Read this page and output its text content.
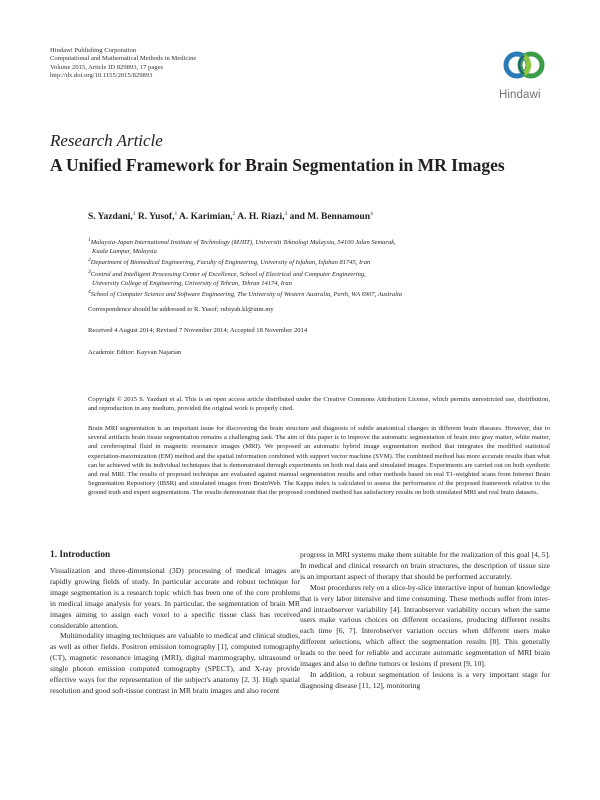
Hindawi Publishing Corporation
Computational and Mathematical Methods in Medicine
Volume 2015, Article ID 829893, 17 pages
http://dx.doi.org/10.1155/2015/829893
Hindawi
Research Article
A Unified Framework for Brain Segmentation in MR Images
S. Yazdani,$^1$ R. Yusof,$^1$ A. Karimian,$^2$ A. H. Riazi,$^3$ and M. Bennamoun$^4$
$^1$Malaysia-Japan International Institute of Technology (MJIIT), Universiti Teknologi Malaysia, 54100 Jalan Semarak,
Kuala Lumpur, Malaysia
$^2$Department of Biomedical Engineering, Faculty of Engineering, University of Isfahan, Isfahan 81745, Iran
$^3$Control and Intelligent Processing Center of Excellence, School of Electrical and Computer Engineering,
University College of Engineering, University of Tehran, Tehran 14174, Iran
$^4$School of Computer Science and Software Engineering, The University of Western Australia, Perth, WA 6907, Australia
Correspondence should be addressed to R. Yusof; rubiyah.kl@utm.my
Received 4 August 2014; Revised 7 November 2014; Accepted 18 November 2014
Academic Editor: Kayvan Najarian
Copyright © 2015 S. Yazdani et al. This is an open access article distributed under the Creative Commons Attribution License, which permits unrestricted use, distribution, and reproduction in any medium, provided the original work is properly cited.
Brain MRI segmentation is an important issue for discovering the brain structure and diagnosis of subtle anatomical changes in different brain diseases. However, due to several artifacts brain tissue segmentation remains a challenging task. The aim of this paper is to improve the automatic segmentation of brain into gray matter, white matter, and cerebrospinal fluid in magnetic resonance images (MRI). We proposed an automatic hybrid image segmentation method that integrates the modified statistical expectation-maximization (EM) method and the spatial information combined with support vector machine (SVM). The combined method has more accurate results than what can be achieved with its individual techniques that is demonstrated through experiments on both real data and simulated images. Experiments are carried out on both synthetic and real MRI. The results of proposed technique are evaluated against manual segmentation results and other methods based on real T1-weighted scans from Internet Brain Segmentation Repository (IBSR) and simulated images from BrainWeb. The Kappa index is calculated to assess the performance of the proposed framework relative to the ground truth and expert segmentations. The results demonstrate that the proposed combined method has satisfactory results on both simulated MRI and real brain datasets.
1. Introduction

Visualization and three-dimensional (3D) processing of medical images are rapidly growing fields of study. In particular accurate and robust technique for image segmentation is a research topic which has been one of the core problems in medical image analysis for years. In particular, the segmentation of brain MR images aiming to assign each voxel to a specific tissue class has received considerable attention.

Multimodality imaging techniques are valuable to medical and clinical studies, as well as other fields. Positron emission tomography [1], computed tomography (CT), magnetic resonance imaging (MRI), digital mammography, ultrasound or single photon emission computed tomography (SPECT), and X-ray provide effective ways for the representation of the subject's anatomy [2, 3]. High spatial resolution and good soft-tissue contrast in MR brain images and also recent

progress in MRI systems make them suitable for the realization of this goal [4, 5]. In medical and clinical research on brain structures, the description of tissue size is an important aspect of therapy that should be performed accurately.

Most procedures rely on a slice-by-slice interactive input of human knowledge that is very labor intensive and time consuming. These methods suffer from inter- and intraobserver variability [4]. Intraobserver variability occurs when the same users make various choices on different occasions, producing different results each time [6, 7]. Interobserver variation occurs when different users make different selections, which affect the segmentation results [8]. This generally leads to the need for reliable and accurate automatic segmentation of MRI brain images and also to define tumors or lesions if present [9, 10].

In addition, a robust segmentation of lesions is a very important stage for diagnosing disease [11, 12], monitoring
